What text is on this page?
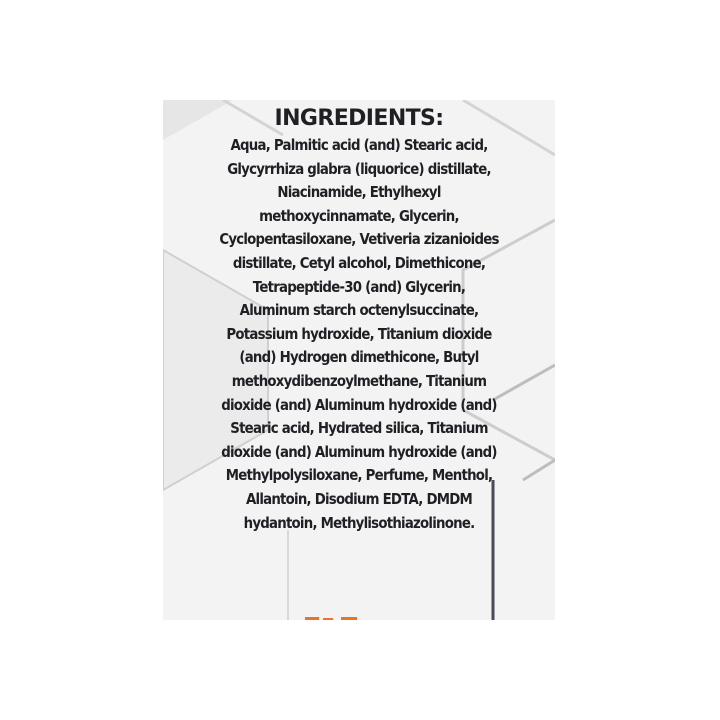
INGREDIENTS:
Aqua, Palmitic acid (and) Stearic acid,
Glycyrrhiza glabra (liquorice) distillate,
Niacinamide, Ethylhexyl
methoxycinnamate, Glycerin,
Cyclopentasiloxane, Vetiveria zizanioides
distillate, Cetyl alcohol, Dimethicone,
Tetrapeptide-30 (and) Glycerin,
Aluminum starch octenylsuccinate,
Potassium hydroxide, Titanium dioxide
(and) Hydrogen dimethicone, Butyl
methoxydibenzoylmethane, Titanium
dioxide (and) Aluminum hydroxide (and)
Stearic acid, Hydrated silica, Titanium
dioxide (and) Aluminum hydroxide (and)
Methylpolysiloxane, Perfume, Menthol,
Allantoin, Disodium EDTA, DMDM
hydantoin, Methylisothiazolinone.
